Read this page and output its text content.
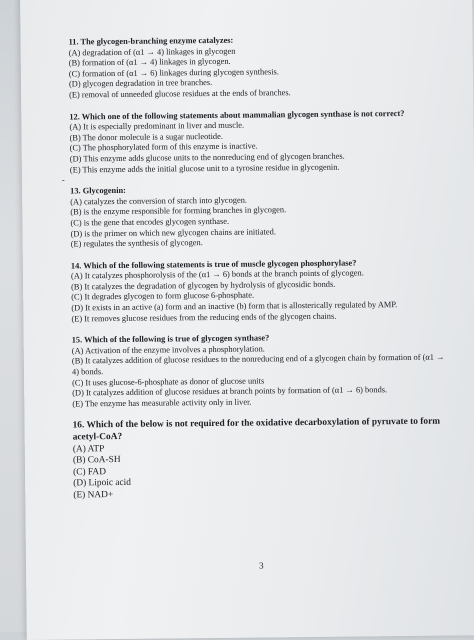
11. The glycogen-branching enzyme catalyzes:
(A) degradation of (α1 → 4) linkages in glycogen
(B) formation of (α1 → 4) linkages in glycogen.
(C) formation of (α1 → 6) linkages during glycogen synthesis.
(D) glycogen degradation in tree branches.
(E) removal of unneeded glucose residues at the ends of branches.
12. Which one of the following statements about mammalian glycogen synthase is not correct?
(A) It is especially predominant in liver and muscle.
(B) The donor molecule is a sugar nucleotide.
(C) The phosphorylated form of this enzyme is inactive.
(D) This enzyme adds glucose units to the nonreducing end of glycogen branches.
(E) This enzyme adds the initial glucose unit to a tyrosine residue in glycogenin.
13. Glycogenin:
(A) catalyzes the conversion of starch into glycogen.
(B) is the enzyme responsible for forming branches in glycogen.
(C) is the gene that encodes glycogen synthase.
(D) is the primer on which new glycogen chains are initiated.
(E) regulates the synthesis of glycogen.
14. Which of the following statements is true of muscle glycogen phosphorylase?
(A) It catalyzes phosphorolysis of the (α1 → 6) bonds at the branch points of glycogen.
(B) It catalyzes the degradation of glycogen by hydrolysis of glycosidic bonds.
(C) It degrades glycogen to form glucose 6-phosphate.
(D) It exists in an active (a) form and an inactive (b) form that is allosterically regulated by AMP.
(E) It removes glucose residues from the reducing ends of the glycogen chains.
15. Which of the following is true of glycogen synthase?
(A) Activation of the enzyme involves a phosphorylation.
(B) It catalyzes addition of glucose residues to the nonreducing end of a glycogen chain by formation of (α1 → 4) bonds.
(C) It uses glucose-6-phosphate as donor of glucose units
(D) It catalyzes addition of glucose residues at branch points by formation of (α1 → 6) bonds.
(E) The enzyme has measurable activity only in liver.
16. Which of the below is not required for the oxidative decarboxylation of pyruvate to form acetyl-CoA?
(A) ATP
(B) CoA-SH
(C) FAD
(D) Lipoic acid
(E) NAD+
-
3
